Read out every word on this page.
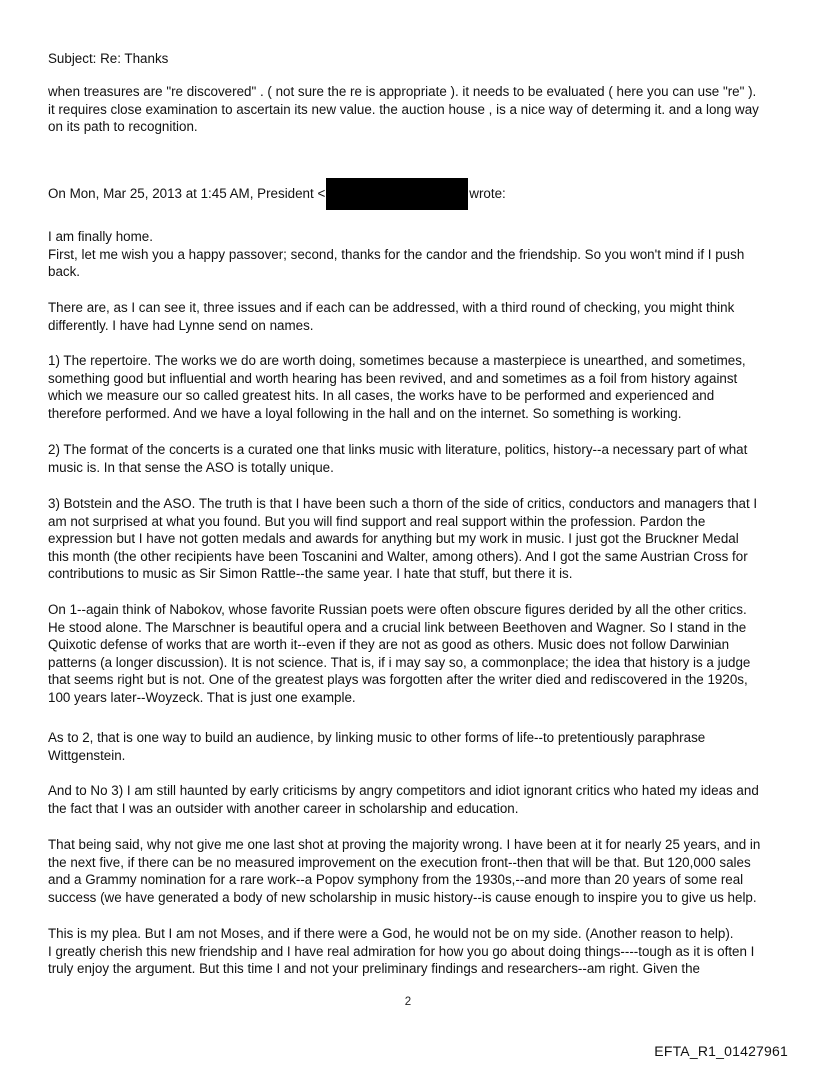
Subject: Re: Thanks
when treasures are "re discovered" . ( not sure the re is appropriate ). it needs to be evaluated ( here you can use "re" ).
it requires close examination to ascertain its new value. the auction house , is a nice way of determing it. and a long way
on its path to recognition.
On Mon, Mar 25, 2013 at 1:45 AM, President <	wrote:
I am finally home.
First, let me wish you a happy passover; second, thanks for the candor and the friendship. So you won't mind if I push
back.
There are, as I can see it, three issues and if each can be addressed, with a third round of checking, you might think
differently. I have had Lynne send on names.
1) The repertoire. The works we do are worth doing, sometimes because a masterpiece is unearthed, and sometimes,
something good but influential and worth hearing has been revived, and and sometimes as a foil from history against
which we measure our so called greatest hits. In all cases, the works have to be performed and experienced and
therefore performed. And we have a loyal following in the hall and on the internet. So something is working.
2) The format of the concerts is a curated one that links music with literature, politics, history--a necessary part of what
music is. In that sense the ASO is totally unique.
3) Botstein and the ASO. The truth is that I have been such a thorn of the side of critics, conductors and managers that I
am not surprised at what you found. But you will find support and real support within the profession. Pardon the
expression but I have not gotten medals and awards for anything but my work in music. I just got the Bruckner Medal
this month (the other recipients have been Toscanini and Walter, among others). And I got the same Austrian Cross for
contributions to music as Sir Simon Rattle--the same year. I hate that stuff, but there it is.
On 1--again think of Nabokov, whose favorite Russian poets were often obscure figures derided by all the other critics.
He stood alone. The Marschner is beautiful opera and a crucial link between Beethoven and Wagner. So I stand in the
Quixotic defense of works that are worth it--even if they are not as good as others. Music does not follow Darwinian
patterns (a longer discussion). It is not science. That is, if i may say so, a commonplace; the idea that history is a judge
that seems right but is not. One of the greatest plays was forgotten after the writer died and rediscovered in the 1920s,
100 years later--Woyzeck. That is just one example.
As to 2, that is one way to build an audience, by linking music to other forms of life--to pretentiously paraphrase
Wittgenstein.
And to No 3) I am still haunted by early criticisms by angry competitors and idiot ignorant critics who hated my ideas and
the fact that I was an outsider with another career in scholarship and education.
That being said, why not give me one last shot at proving the majority wrong. I have been at it for nearly 25 years, and in
the next five, if there can be no measured improvement on the execution front--then that will be that. But 120,000 sales
and a Grammy nomination for a rare work--a Popov symphony from the 1930s,--and more than 20 years of some real
success (we have generated a body of new scholarship in music history--is cause enough to inspire you to give us help.
This is my plea. But I am not Moses, and if there were a God, he would not be on my side. (Another reason to help).
I greatly cherish this new friendship and I have real admiration for how you go about doing things----tough as it is often I
truly enjoy the argument. But this time I and not your preliminary findings and researchers--am right. Given the
2
EFTA_R1_01427961
